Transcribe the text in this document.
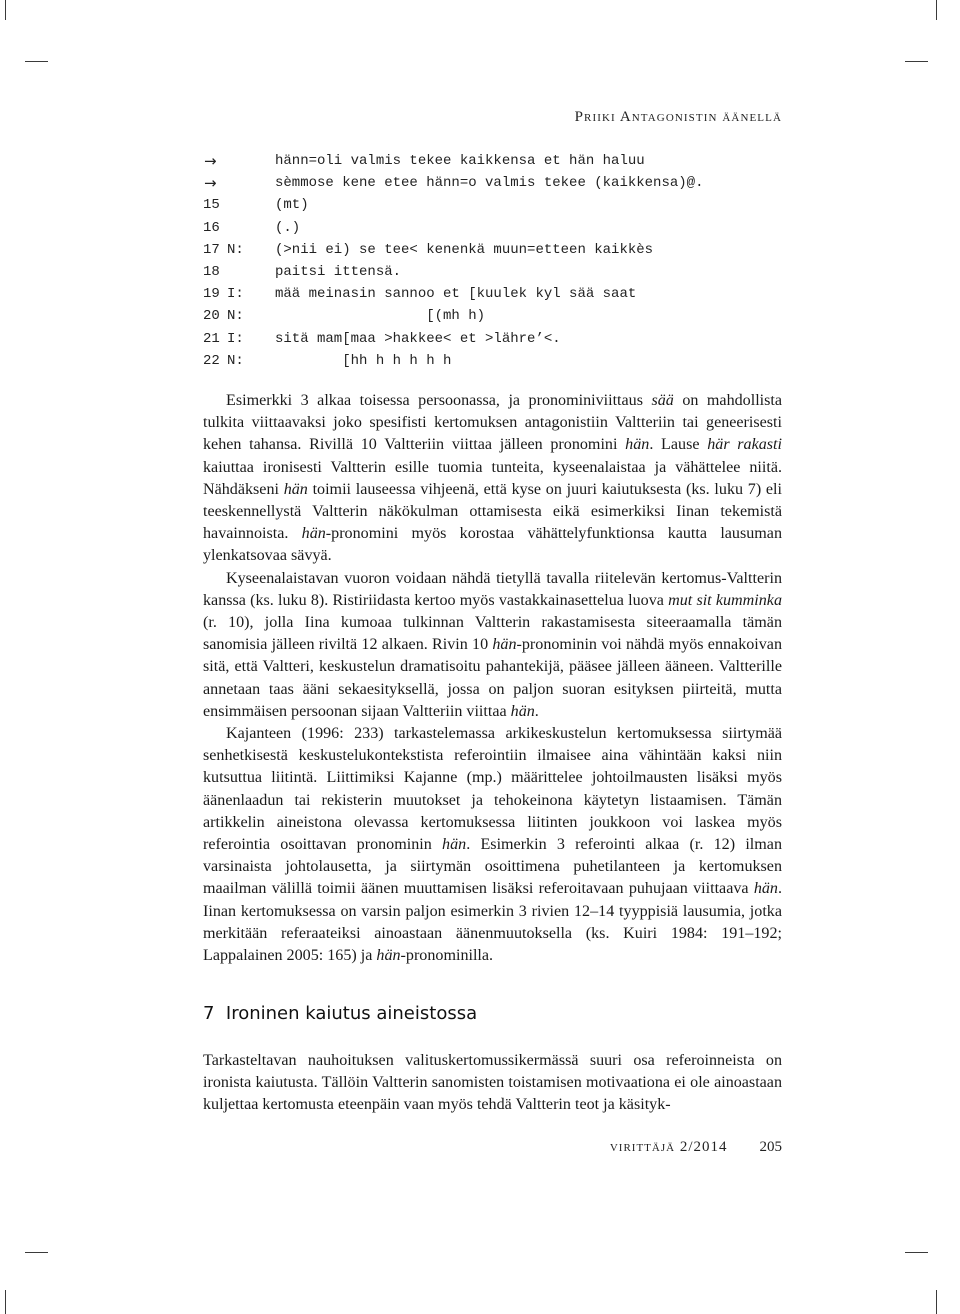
Priiki Antagonistin äänellä
→	hänn=oli valmis tekee kaikkensa et hän haluu
→	sèmmose kene etee hänn=o valmis tekee (kaikkensa)@.
15	(mt)
16	(.)
17 N: (>nii ei) se tee< kenenkä muun=etteen kaikkès
18	paitsi ittensä.
19 I: mää meinasin sannoo et [kuulek kyl sää saat
20 N: [(mh h)
21 I: sitä mam[maa >hakkee< et >lähre’<.
22 N: [hh h h h h h

Esimerkki 3 alkaa toisessa persoonassa, ja pronominiviittaus sää on mahdollista tulkita viittaavaksi joko spesifisti kertomuksen antagonistiin Valtteriin tai geneerisesti kehen tahansa. Rivillä 10 Valtteriin viittaa jälleen pronomini hän. Lause här rakasti kaiuttaa ironisesti Valtterin esille tuomia tunteita, kyseenalaistaa ja vähättelee niitä. Nähdäkseni hän toimii lauseessa vihjeenä, että kyse on juuri kaiutuksesta (ks. luku 7) eli teeskennellystä Valtterin näkökulman ottamisesta eikä esimerkiksi Iinan tekemistä havainnoista. hän-pronomini myös korostaa vähättelyfunktionsa kautta lausuman ylenkatsovaa sävyä.

Kyseenalaistavan vuoron voidaan nähdä tietyllä tavalla riitelevän kertomus-Valtterin kanssa (ks. luku 8). Ristiriidasta kertoo myös vastakkainasettelua luova mut sit kumminka (r. 10), jolla Iina kumoaa tulkinnan Valtterin rakastamisesta siteeraamalla tämän sanomisia jälleen riviltä 12 alkaen. Rivin 10 hän-pronominin voi nähdä myös ennakoivan sitä, että Valtteri, keskustelun dramatisoitu pahantekijä, pääsee jälleen ääneen. Valtterille annetaan taas ääni sekaesityksellä, jossa on paljon suoran esityksen piirteitä, mutta ensimmäisen persoonan sijaan Valtteriin viittaa hän.

Kajanteen (1996: 233) tarkastelemassa arkikeskustelun kertomuksessa siirtymää senhetkisestä keskustelukontekstista referointiin ilmaisee aina vähintään kaksi niin kutsuttua liitintä. Liittimiksi Kajanne (mp.) määrittelee johtoilmausten lisäksi myös äänenlaadun tai rekisterin muutokset ja tehokeinona käytetyn listaamisen. Tämän artikkelin aineistona olevassa kertomuksessa liitinten joukkoon voi laskea myös referointia osoittavan pronominin hän. Esimerkin 3 referointi alkaa (r. 12) ilman varsinaista johtolausetta, ja siirtymän osoittimena puhetilanteen ja kertomuksen maailman välillä toimii äänen muuttamisen lisäksi referoitavaan puhujaan viittaava hän. Iinan kertomuksessa on varsin paljon esimerkin 3 rivien 12–14 tyyppisiä lausumia, jotka merkitään referaateiksi ainoastaan äänenmuutoksella (ks. Kuiri 1984: 191–192; Lappalainen 2005: 165) ja hän-pronominilla.

7 Ironinen kaiutus aineistossa

Tarkasteltavan nauhoituksen valituskertomussikermässä suuri osa referoinneista on ironista kaiutusta. Tällöin Valtterin sanomisten toistamisen motivaationa ei ole ainoastaan kuljettaa kertomusta eteenpäin vaan myös tehdä Valtterin teot ja käsityk-

virittäjä 2/2014 205
